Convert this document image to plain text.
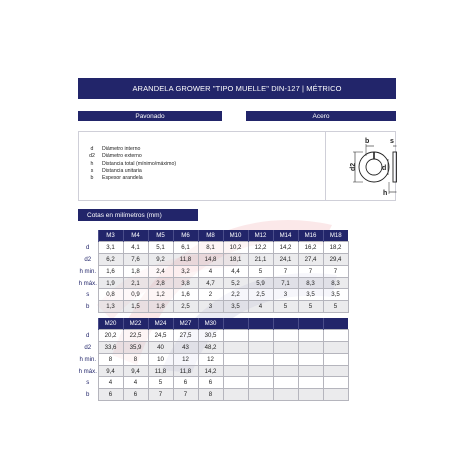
ARANDELA GROWER "TIPO MUELLE" DIN-127 | MÉTRICO
Pavonado	Acero
d	Diámetro interno
d2	Diámetro externo
h	Distancia total (mínimo/máximo)
s	Distancia unitaria
b	Espesor arandela
b	s
d
d2
h
Cotas en milímetros (mm)
	M3	M4	M5	M6	M8	M10	M12	M14	M16	M18
d	3,1	4,1	5,1	6,1	8,1	10,2	12,2	14,2	16,2	18,2
d2	6,2	7,6	9,2	11,8	14,8	18,1	21,1	24,1	27,4	29,4
h min.	1,6	1,8	2,4	3,2	4	4,4	5	7	7	7
h máx.	1,9	2,1	2,8	3,8	4,7	5,2	5,9	7,1	8,3	8,3
s	0,8	0,9	1,2	1,6	2	2,2	2,5	3	3,5	3,5
b	1,3	1,5	1,8	2,5	3	3,5	4	5	5	5
	M20	M22	M24	M27	M30					
d	20,2	22,5	24,5	27,5	30,5					
d2	33,6	35,9	40	43	48,2					
h min.	8	8	10	12	12					
h máx.	9,4	9,4	11,8	11,8	14,2					
s	4	4	5	6	6					
b	6	6	7	7	8					
